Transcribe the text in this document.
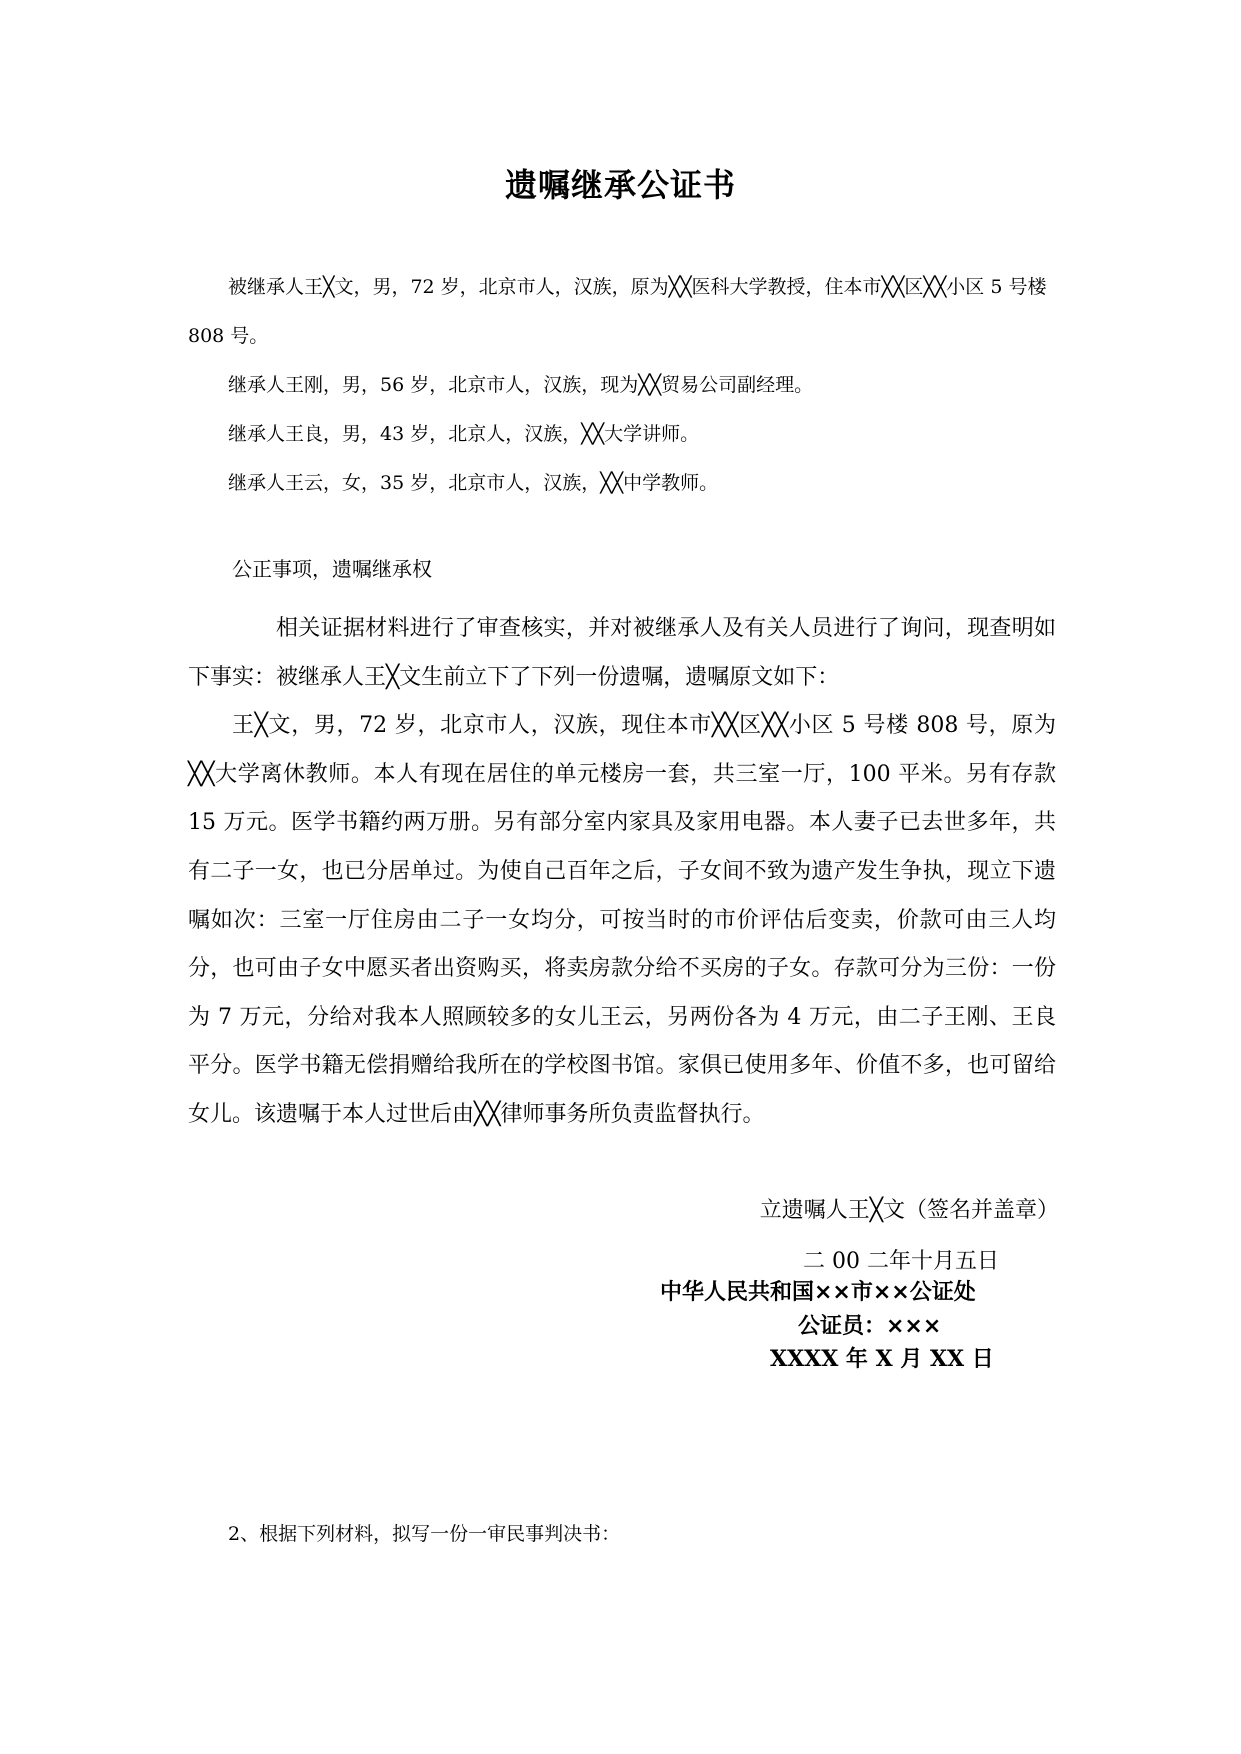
遗嘱继承公证书

被继承人王╳文，男，72 岁，北京市人，汉族，原为╳╳医科大学教授，住本市╳╳区╳╳小区 5 号楼 808 号。

继承人王刚，男，56 岁，北京市人，汉族，现为╳╳贸易公司副经理。

继承人王良，男，43 岁，北京人，汉族，╳╳大学讲师。

继承人王云，女，35 岁，北京市人，汉族，╳╳中学教师。

公正事项，遗嘱继承权

相关证据材料进行了审查核实，并对被继承人及有关人员进行了询问，现查明如下事实：被继承人王╳文生前立下了下列一份遗嘱，遗嘱原文如下：

王╳文，男，72 岁，北京市人，汉族，现住本市╳╳区╳╳小区 5 号楼 808 号，原为╳╳大学离休教师。本人有现在居住的单元楼房一套，共三室一厅，100 平米。另有存款 15 万元。医学书籍约两万册。另有部分室内家具及家用电器。本人妻子已去世多年，共有二子一女，也已分居单过。为使自己百年之后，子女间不致为遗产发生争执，现立下遗嘱如次：三室一厅住房由二子一女均分，可按当时的市价评估后变卖，价款可由三人均分，也可由子女中愿买者出资购买，将卖房款分给不买房的子女。存款可分为三份：一份为 7 万元，分给对我本人照顾较多的女儿王云，另两份各为 4 万元，由二子王刚、王良平分。医学书籍无偿捐赠给我所在的学校图书馆。家俱已使用多年、价值不多，也可留给女儿。该遗嘱于本人过世后由╳╳律师事务所负责监督执行。

立遗嘱人王╳文（签名并盖章）
二 00 二年十月五日
中华人民共和国××市××公证处
公证员：×××
XXXX 年 X 月 XX 日
2、根据下列材料，拟写一份一审民事判决书：
